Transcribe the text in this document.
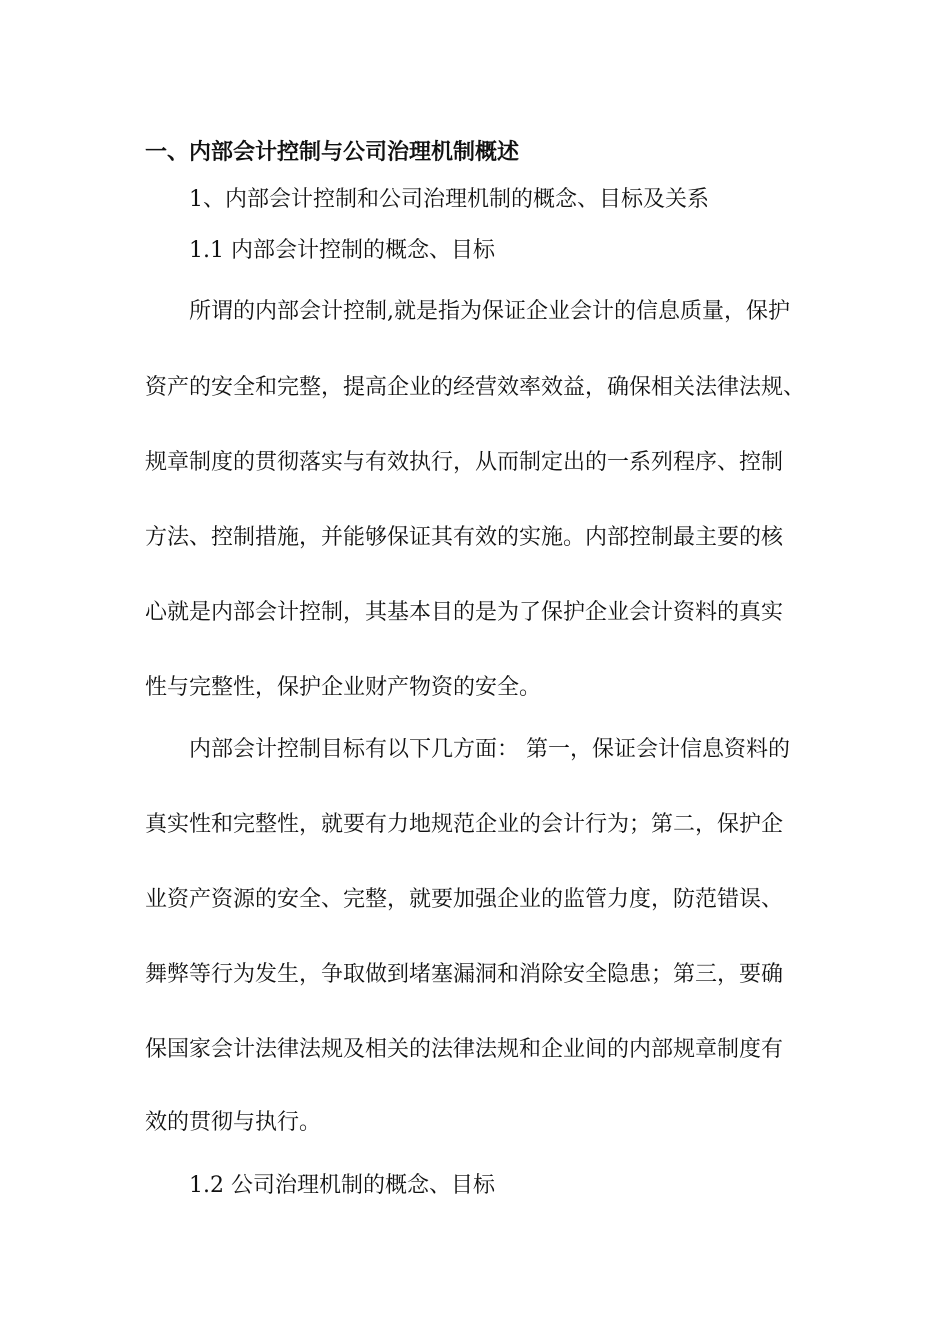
一、内部会计控制与公司治理机制概述
1、内部会计控制和公司治理机制的概念、目标及关系
1.1 内部会计控制的概念、目标
所谓的内部会计控制,就是指为保证企业会计的信息质量，保护
资产的安全和完整，提高企业的经营效率效益，确保相关法律法规、
规章制度的贯彻落实与有效执行，从而制定出的一系列程序、控制
方法、控制措施，并能够保证其有效的实施。内部控制最主要的核
心就是内部会计控制，其基本目的是为了保护企业会计资料的真实
性与完整性，保护企业财产物资的安全。
内部会计控制目标有以下几方面： 第一，保证会计信息资料的
真实性和完整性，就要有力地规范企业的会计行为；第二，保护企
业资产资源的安全、完整，就要加强企业的监管力度，防范错误、
舞弊等行为发生，争取做到堵塞漏洞和消除安全隐患；第三，要确
保国家会计法律法规及相关的法律法规和企业间的内部规章制度有
效的贯彻与执行。
1.2 公司治理机制的概念、目标
